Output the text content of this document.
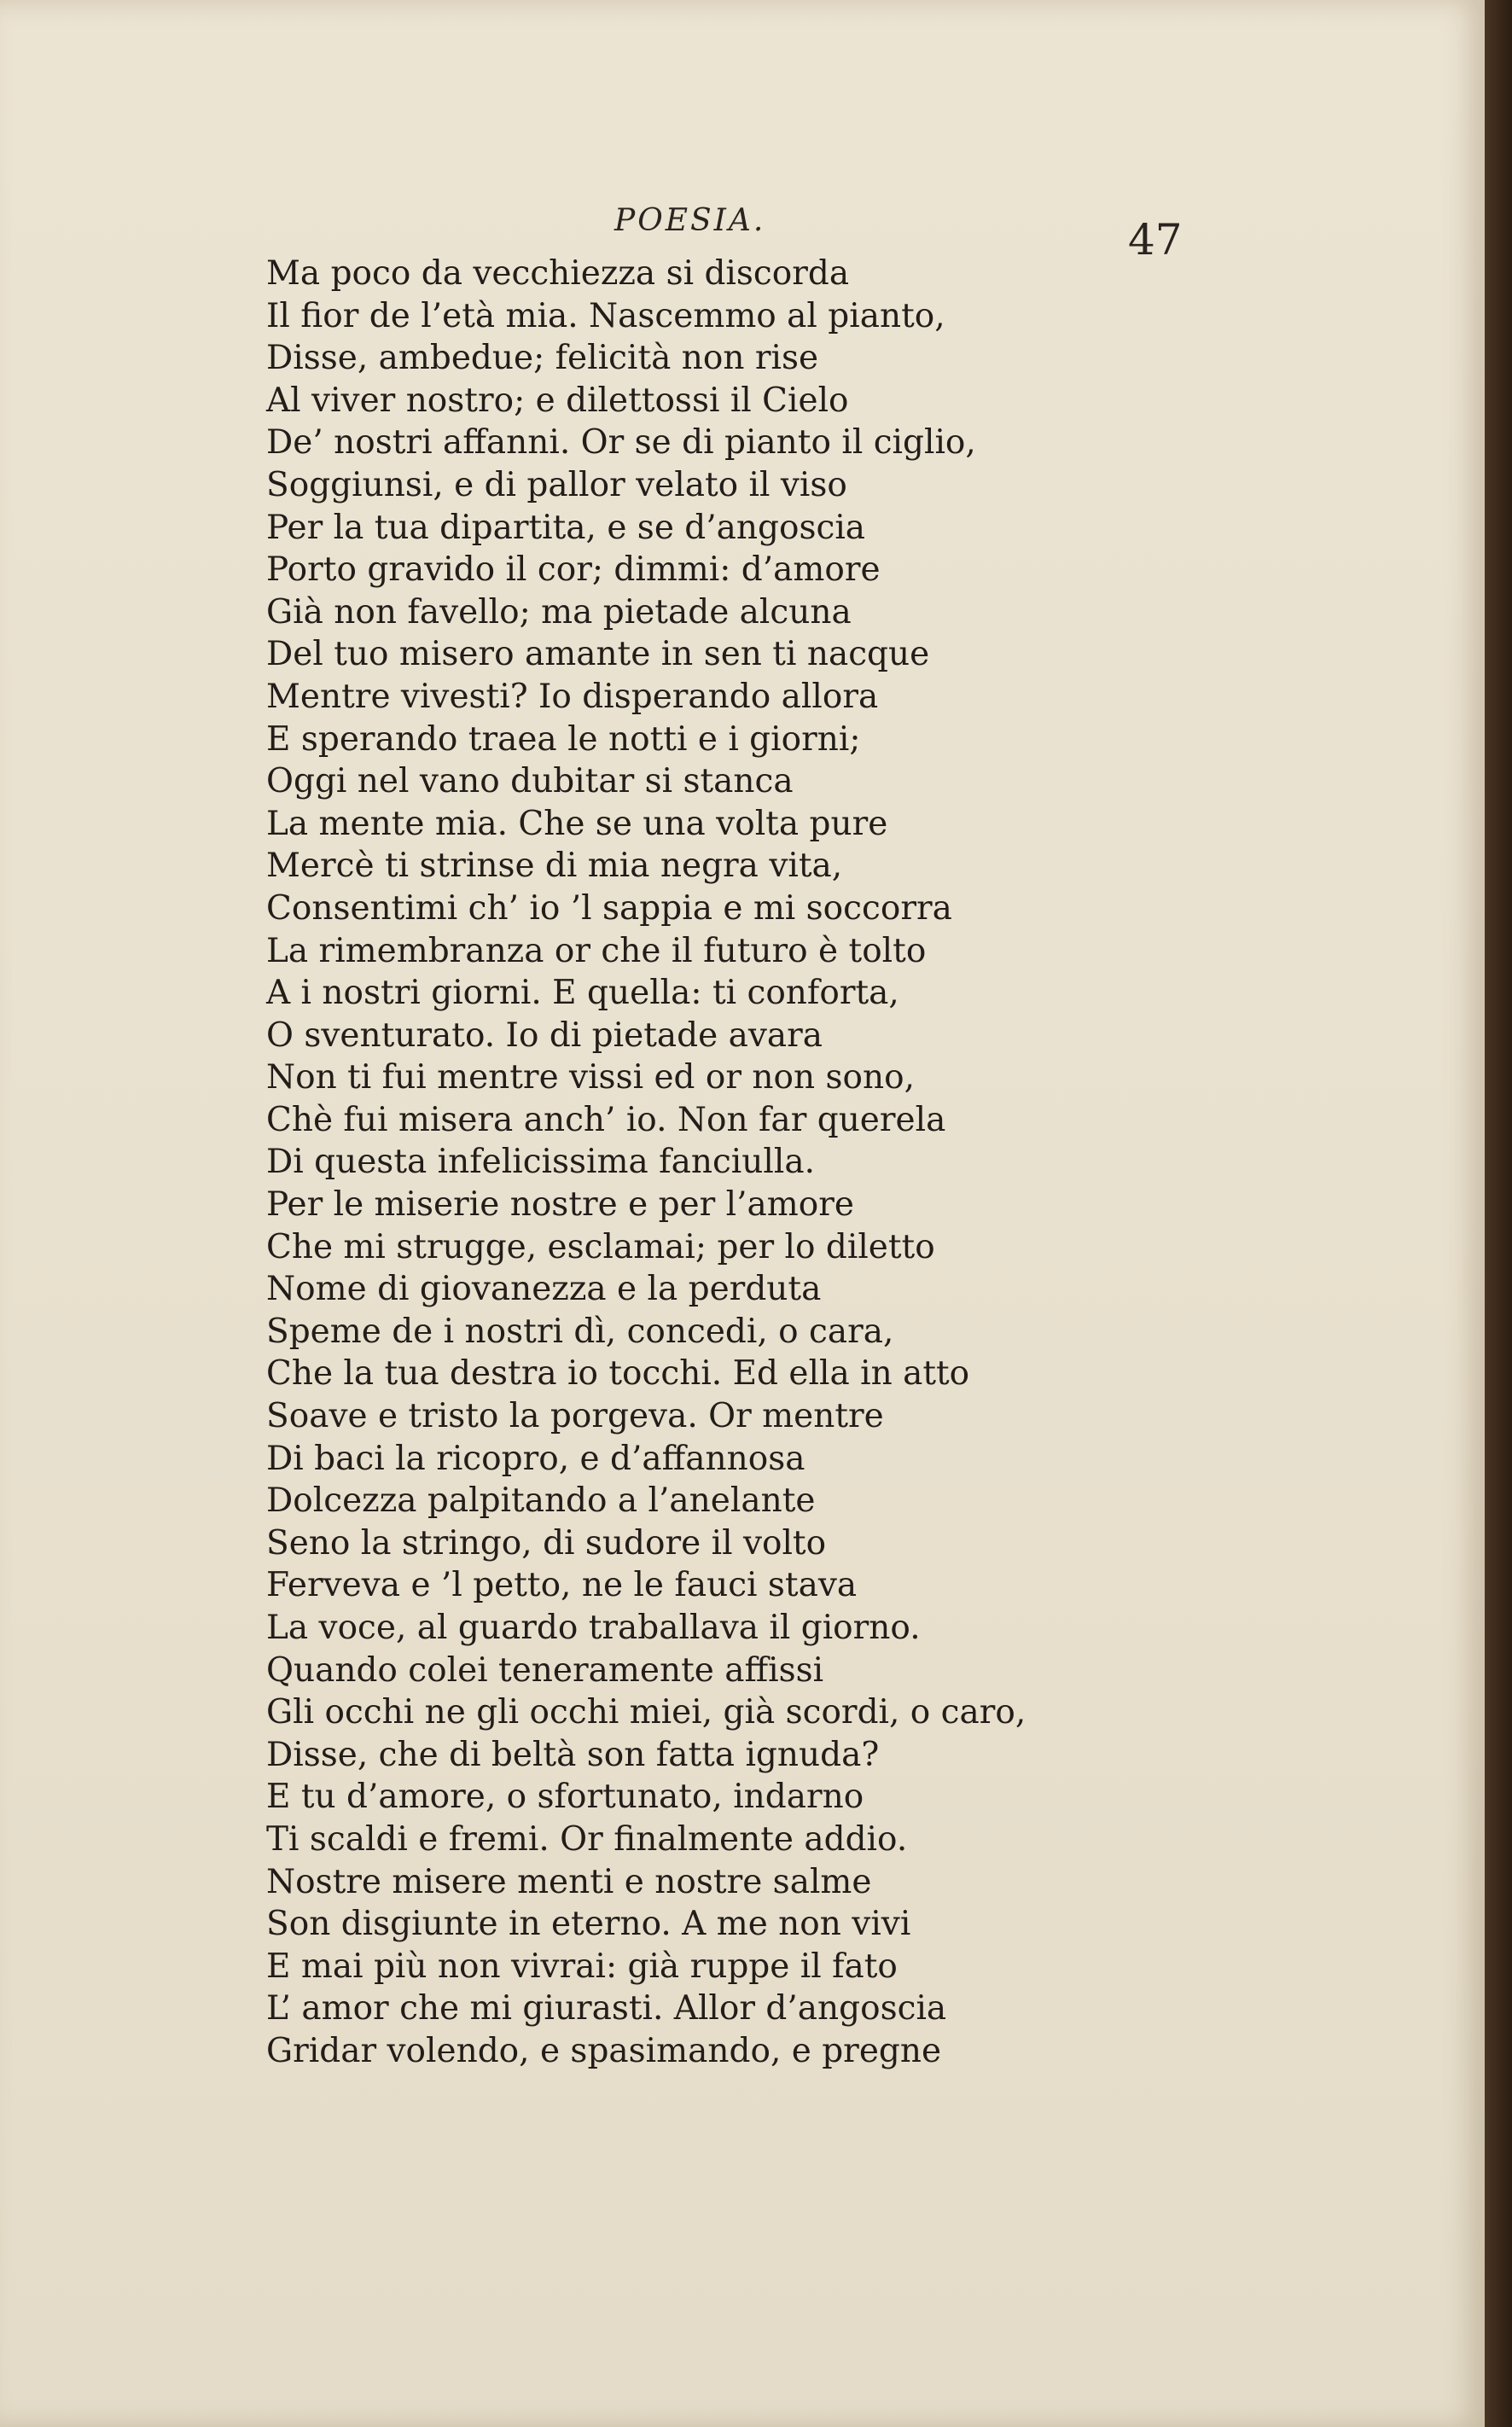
POESIA.	47
Ma poco da vecchiezza si discorda
Il fior de l’età mia. Nascemmo al pianto,
Disse, ambedue; felicità non rise
Al viver nostro; e dilettossi il Cielo
De’ nostri affanni. Or se di pianto il ciglio,
Soggiunsi, e di pallor velato il viso
Per la tua dipartita, e se d’angoscia
Porto gravido il cor; dimmi: d’amore
Già non favello; ma pietade alcuna
Del tuo misero amante in sen ti nacque
Mentre vivesti? Io disperando allora
E sperando traea le notti e i giorni;
Oggi nel vano dubitar si stanca
La mente mia. Che se una volta pure
Mercè ti strinse di mia negra vita,
Consentimi ch’ io ’l sappia e mi soccorra
La rimembranza or che il futuro è tolto
A i nostri giorni. E quella: ti conforta,
O sventurato. Io di pietade avara
Non ti fui mentre vissi ed or non sono,
Chè fui misera anch’ io. Non far querela
Di questa infelicissima fanciulla.
Per le miserie nostre e per l’amore
Che mi strugge, esclamai; per lo diletto
Nome di giovanezza e la perduta
Speme de i nostri dì, concedi, o cara,
Che la tua destra io tocchi. Ed ella in atto
Soave e tristo la porgeva. Or mentre
Di baci la ricopro, e d’affannosa
Dolcezza palpitando a l’anelante
Seno la stringo, di sudore il volto
Ferveva e ’l petto, ne le fauci stava
La voce, al guardo traballava il giorno.
Quando colei teneramente affissi
Gli occhi ne gli occhi miei, già scordi, o caro,
Disse, che di beltà son fatta ignuda?
E tu d’amore, o sfortunato, indarno
Ti scaldi e fremi. Or finalmente addio.
Nostre misere menti e nostre salme
Son disgiunte in eterno. A me non vivi
E mai più non vivrai: già ruppe il fato
L’ amor che mi giurasti. Allor d’angoscia
Gridar volendo, e spasimando, e pregne
